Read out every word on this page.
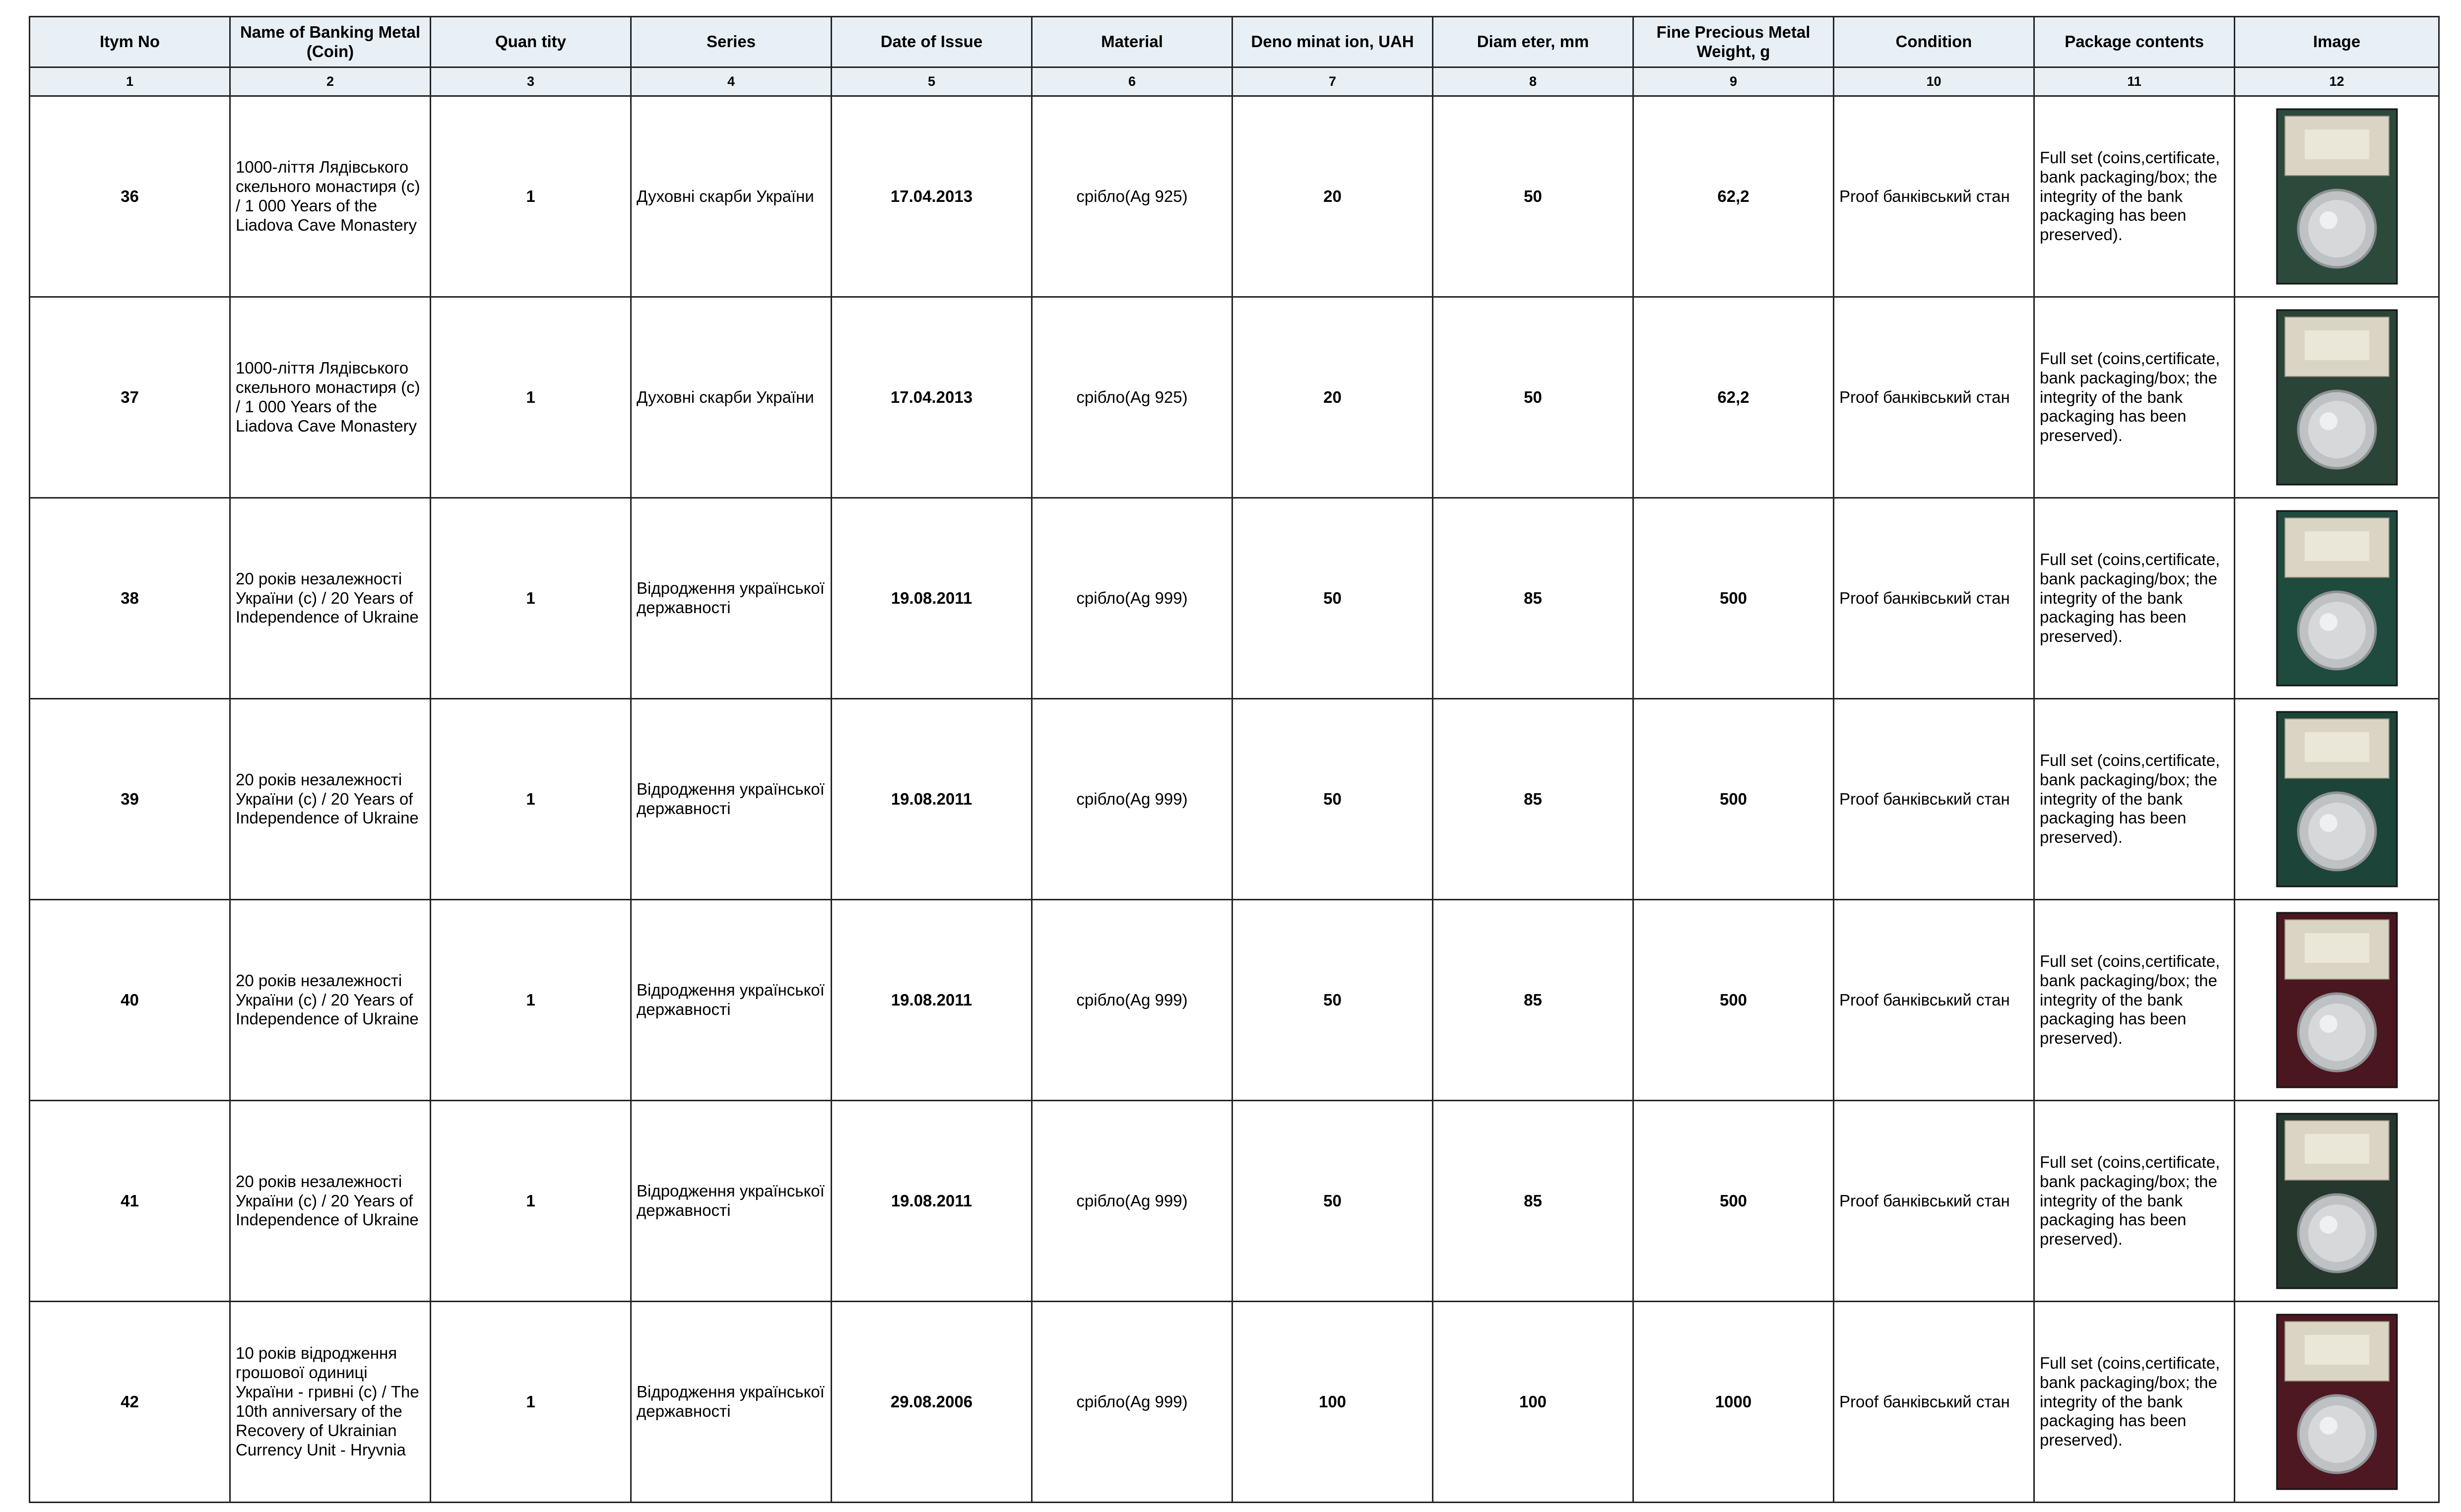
Itym No	Name of Banking Metal (Coin)	Quan tity	Series	Date of Issue	Material	Deno minat ion, UAH	Diam eter, mm	Fine Precious Metal Weight, g	Condition	Package contents	Image
1	2	3	4	5	6	7	8	9	10	11	12
36	1000-ліття Лядівського скельного монастиря (с) / 1 000 Years of the Liadova Cave Monastery	1	Духовні скарби України	17.04.2013	срібло(Ag 925)	20	50	62,2	Proof банківський стан	Full set (coins,certificate, bank packaging/box; the integrity of the bank packaging has been preserved).	

37	1000-ліття Лядівського скельного монастиря (с) / 1 000 Years of the Liadova Cave Monastery	1	Духовні скарби України	17.04.2013	срібло(Ag 925)	20	50	62,2	Proof банківський стан	Full set (coins,certificate, bank packaging/box; the integrity of the bank packaging has been preserved).	

38	20 років незалежності України (с) / 20 Years of Independence of Ukraine	1	Відродження української державності	19.08.2011	срібло(Ag 999)	50	85	500	Proof банківський стан	Full set (coins,certificate, bank packaging/box; the integrity of the bank packaging has been preserved).	

39	20 років незалежності України (с) / 20 Years of Independence of Ukraine	1	Відродження української державності	19.08.2011	срібло(Ag 999)	50	85	500	Proof банківський стан	Full set (coins,certificate, bank packaging/box; the integrity of the bank packaging has been preserved).	

40	20 років незалежності України (с) / 20 Years of Independence of Ukraine	1	Відродження української державності	19.08.2011	срібло(Ag 999)	50	85	500	Proof банківський стан	Full set (coins,certificate, bank packaging/box; the integrity of the bank packaging has been preserved).	

41	20 років незалежності України (с) / 20 Years of Independence of Ukraine	1	Відродження української державності	19.08.2011	срібло(Ag 999)	50	85	500	Proof банківський стан	Full set (coins,certificate, bank packaging/box; the integrity of the bank packaging has been preserved).	

42	10 років відродження грошової одиниці України - гривні (с) / The 10th anniversary of the Recovery of Ukrainian Currency Unit - Hryvnia	1	Відродження української державності	29.08.2006	срібло(Ag 999)	100	100	1000	Proof банківський стан	Full set (coins,certificate, bank packaging/box; the integrity of the bank packaging has been preserved).	
